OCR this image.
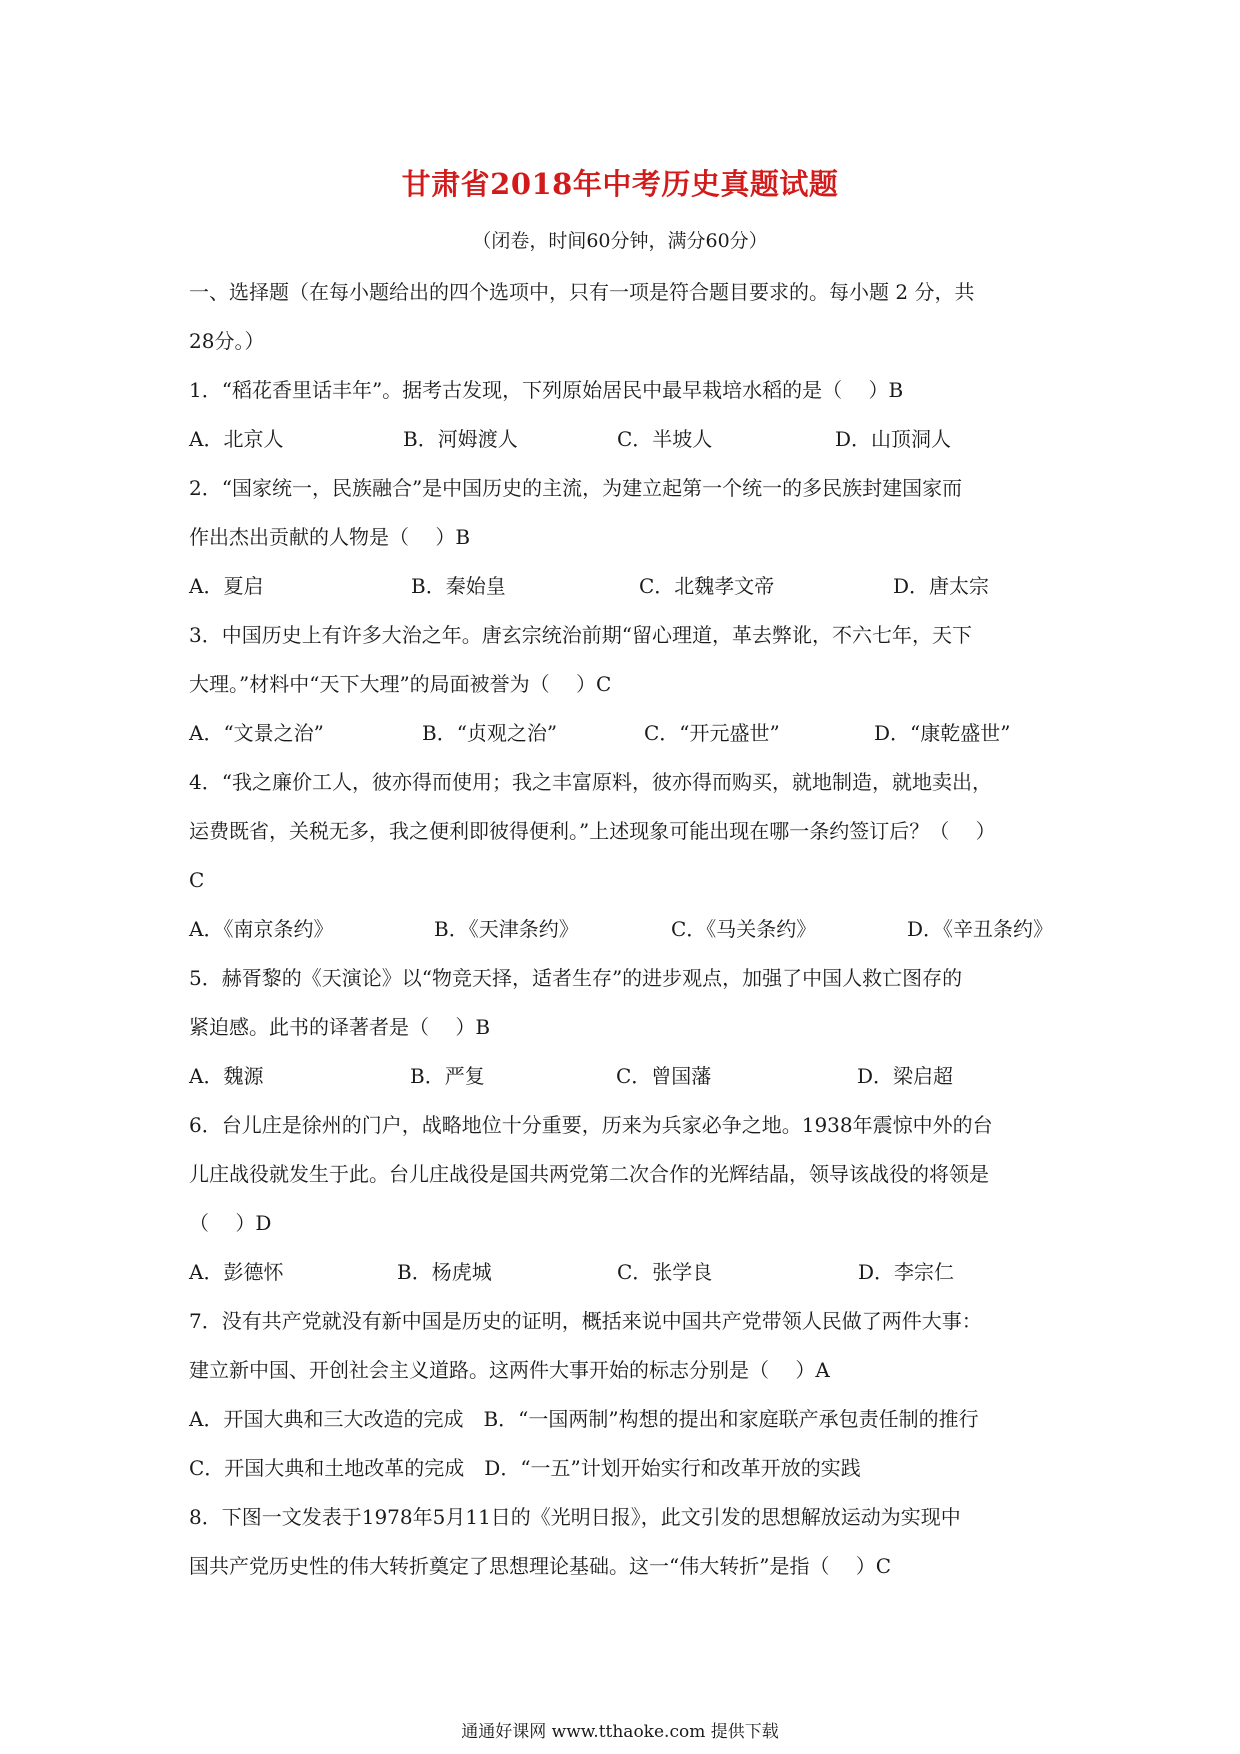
甘肃省2018年中考历史真题试题
（闭卷，时间60分钟，满分60分）
一、选择题（在每小题给出的四个选项中，只有一项是符合题目要求的。每小题 2 分，共
28分。）
1．“稻花香里话丰年”。据考古发现，下列原始居民中最早栽培水稻的是（　 ）B
A．北京人	B．河姆渡人	C．半坡人	D．山顶洞人
2．“国家统一，民族融合”是中国历史的主流，为建立起第一个统一的多民族封建国家而
作出杰出贡献的人物是（　 ）B
A．夏启	B．秦始皇	C．北魏孝文帝	D．唐太宗
3．中国历史上有许多大治之年。唐玄宗统治前期“留心理道，革去弊讹，不六七年，天下
大理。”材料中“天下大理”的局面被誉为（　 ）C
A．“文景之治”	B．“贞观之治”	C．“开元盛世”	D．“康乾盛世”
4．“我之廉价工人，彼亦得而使用；我之丰富原料，彼亦得而购买，就地制造，就地卖出，
运费既省，关税无多，我之便利即彼得便利。”上述现象可能出现在哪一条约签订后？（　 ）
C
A．《南京条约》	B．《天津条约》	C．《马关条约》	D．《辛丑条约》
5．赫胥黎的《天演论》以“物竞天择，适者生存”的进步观点，加强了中国人救亡图存的
紧迫感。此书的译著者是（　 ）B
A．魏源	B．严复	C．曾国藩	D．梁启超
6．台儿庄是徐州的门户，战略地位十分重要，历来为兵家必争之地。1938年震惊中外的台
儿庄战役就发生于此。台儿庄战役是国共两党第二次合作的光辉结晶，领导该战役的将领是
（　 ）D
A．彭德怀	B．杨虎城	C．张学良	D．李宗仁
7．没有共产党就没有新中国是历史的证明，概括来说中国共产党带领人民做了两件大事：
建立新中国、开创社会主义道路。这两件大事开始的标志分别是（　 ）A
A．开国大典和三大改造的完成　B．“一国两制”构想的提出和家庭联产承包责任制的推行
C．开国大典和土地改革的完成　D．“一五”计划开始实行和改革开放的实践
8．下图一文发表于1978年5月11日的《光明日报》，此文引发的思想解放运动为实现中
国共产党历史性的伟大转折奠定了思想理论基础。这一“伟大转折”是指（　 ）C
通通好课网 www.tthaoke.com 提供下载
